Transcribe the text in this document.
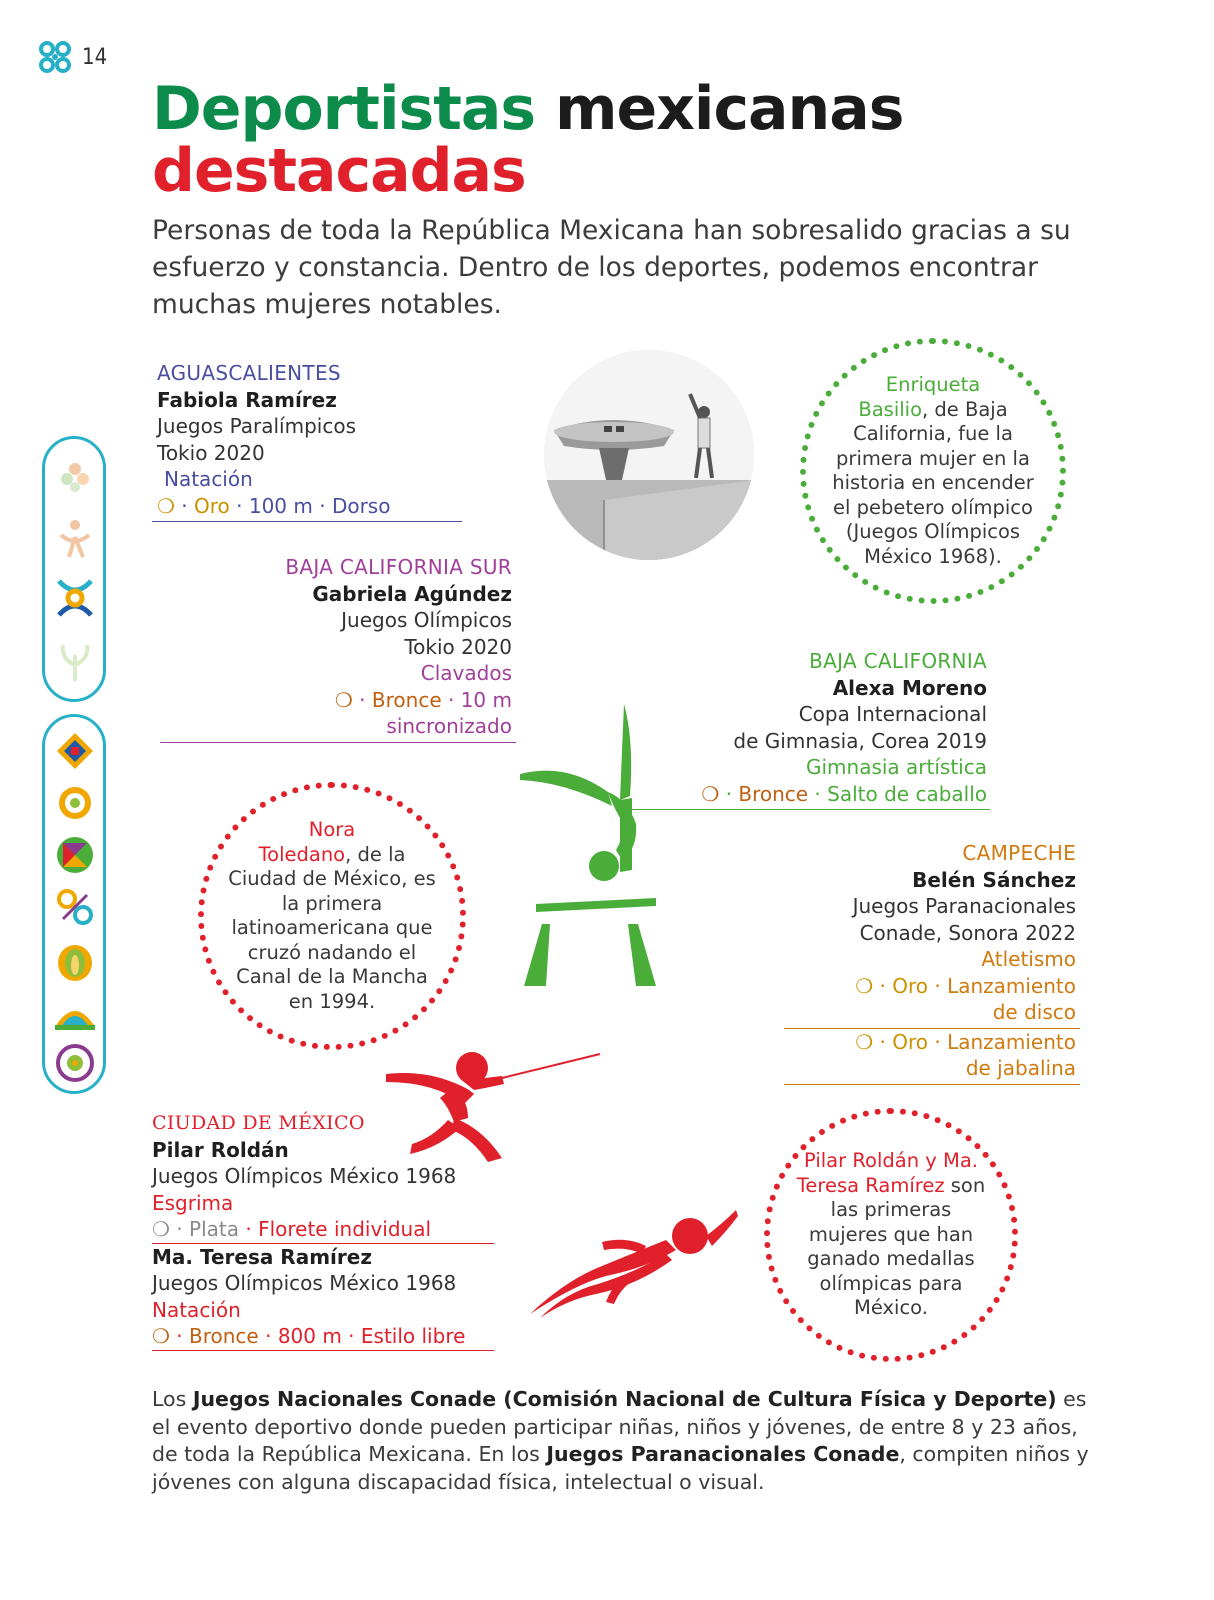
14
Deportistas mexicanas
destacadas
Personas de toda la República Mexicana han sobresalido gracias a su esfuerzo y constancia. Dentro de los deportes, podemos encontrar muchas mujeres notables.
AGUASCALIENTES
Fabiola Ramírez
Juegos Paralímpicos
Tokio 2020
Natación
❍ · Oro · 100 m · Dorso
BAJA CALIFORNIA SUR
Gabriela Agúndez
Juegos Olímpicos
Tokio 2020
Clavados
❍ · Bronce · 10 m
sincronizado
Enriqueta
Basilio, de Baja California, fue la primera mujer en la historia en encender el pebetero olímpico (Juegos Olímpicos México 1968).
BAJA CALIFORNIA
Alexa Moreno
Copa Internacional
de Gimnasia, Corea 2019
Gimnasia artística
❍ · Bronce · Salto de caballo
Nora
Toledano, de la Ciudad de México, es la primera latinoamericana que cruzó nadando el Canal de la Mancha en 1994.
CAMPECHE
Belén Sánchez
Juegos Paranacionales
Conade, Sonora 2022
Atletismo
❍ · Oro · Lanzamiento
de disco
❍ · Oro · Lanzamiento
de jabalina
CIUDAD DE MÉXICO
Pilar Roldán
Juegos Olímpicos México 1968
Esgrima
❍ · Plata · Florete individual
Ma. Teresa Ramírez
Juegos Olímpicos México 1968
Natación
❍ · Bronce · 800 m · Estilo libre
Pilar Roldán y Ma. Teresa Ramírez son las primeras mujeres que han ganado medallas olímpicas para México.
Los Juegos Nacionales Conade (Comisión Nacional de Cultura Física y Deporte) es el evento deportivo donde pueden participar niñas, niños y jóvenes, de entre 8 y 23 años, de toda la República Mexicana. En los Juegos Paranacionales Conade, compiten niños y jóvenes con alguna discapacidad física, intelectual o visual.
